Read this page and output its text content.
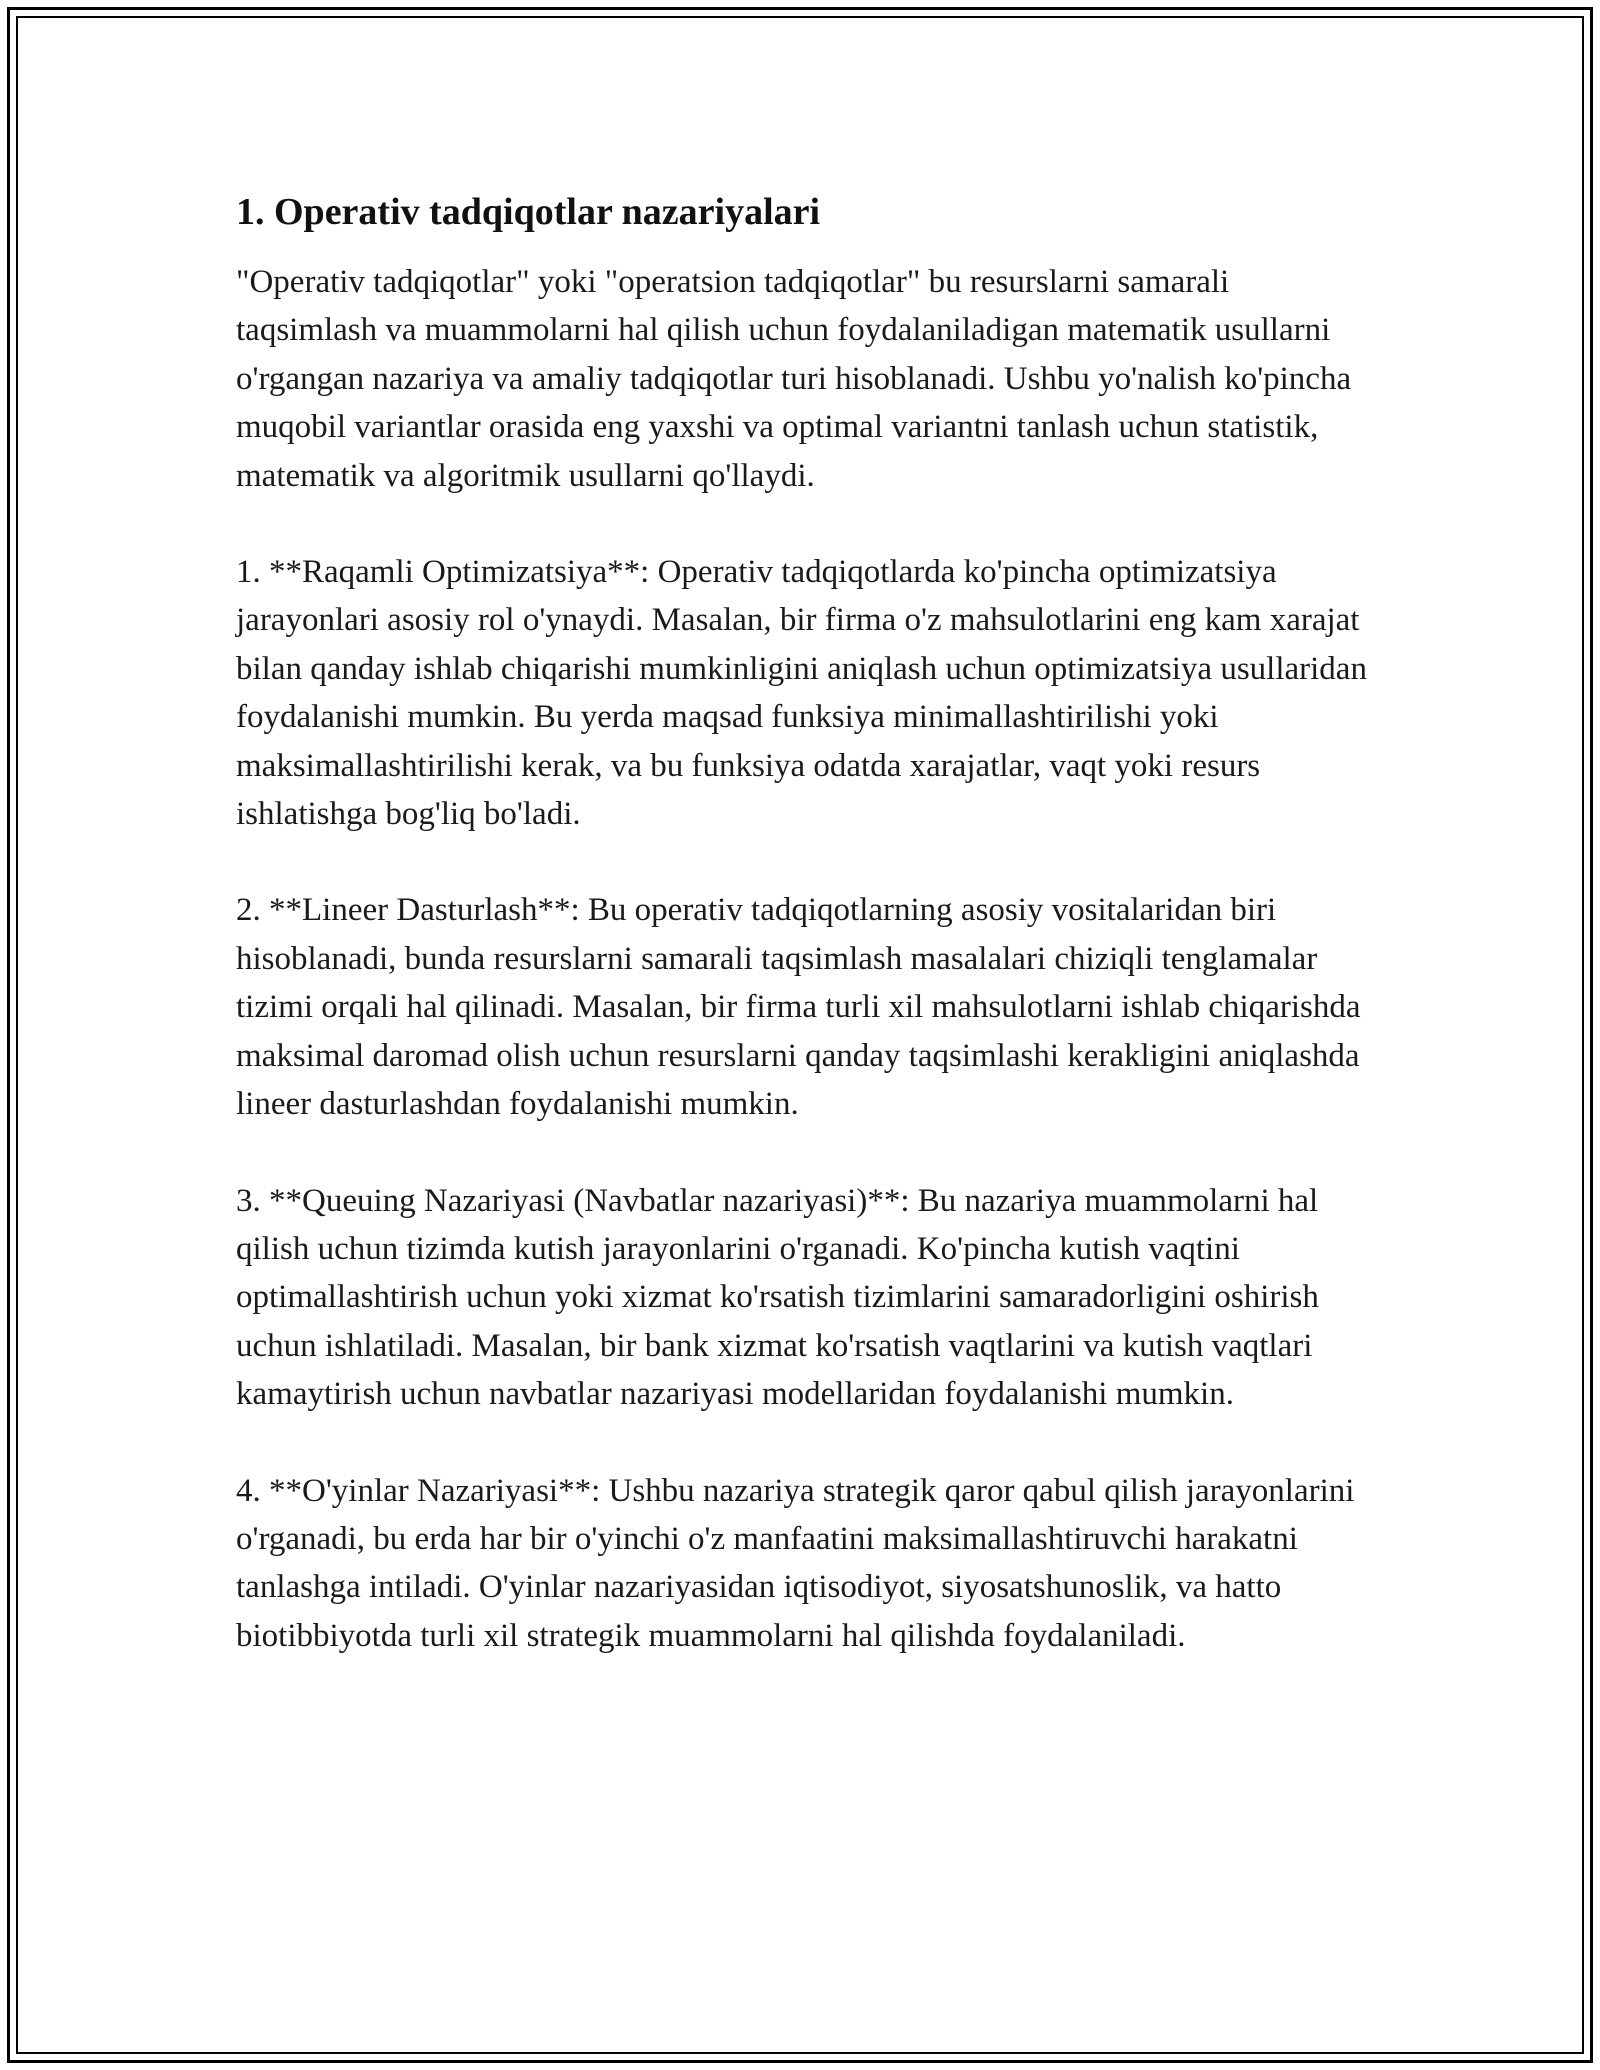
1. Operativ tadqiqotlar nazariyalari

"Operativ tadqiqotlar" yoki "operatsion tadqiqotlar" bu resurslarni samarali taqsimlash va muammolarni hal qilish uchun foydalaniladigan matematik usullarni o'rgangan nazariya va amaliy tadqiqotlar turi hisoblanadi. Ushbu yo'nalish ko'pincha muqobil variantlar orasida eng yaxshi va optimal variantni tanlash uchun statistik, matematik va algoritmik usullarni qo'llaydi.

1. **Raqamli Optimizatsiya**: Operativ tadqiqotlarda ko'pincha optimizatsiya jarayonlari asosiy rol o'ynaydi. Masalan, bir firma o'z mahsulotlarini eng kam xarajat bilan qanday ishlab chiqarishi mumkinligini aniqlash uchun optimizatsiya usullaridan foydalanishi mumkin. Bu yerda maqsad funksiya minimallashtirilishi yoki maksimallashtirilishi kerak, va bu funksiya odatda xarajatlar, vaqt yoki resurs ishlatishga bog'liq bo'ladi.

2. **Lineer Dasturlash**: Bu operativ tadqiqotlarning asosiy vositalaridan biri hisoblanadi, bunda resurslarni samarali taqsimlash masalalari chiziqli tenglamalar tizimi orqali hal qilinadi. Masalan, bir firma turli xil mahsulotlarni ishlab chiqarishda maksimal daromad olish uchun resurslarni qanday taqsimlashi kerakligini aniqlashda lineer dasturlashdan foydalanishi mumkin.

3. **Queuing Nazariyasi (Navbatlar nazariyasi)**: Bu nazariya muammolarni hal qilish uchun tizimda kutish jarayonlarini o'rganadi. Ko'pincha kutish vaqtini optimallashtirish uchun yoki xizmat ko'rsatish tizimlarini samaradorligini oshirish uchun ishlatiladi. Masalan, bir bank xizmat ko'rsatish vaqtlarini va kutish vaqtlari kamaytirish uchun navbatlar nazariyasi modellaridan foydalanishi mumkin.

4. **O'yinlar Nazariyasi**: Ushbu nazariya strategik qaror qabul qilish jarayonlarini o'rganadi, bu erda har bir o'yinchi o'z manfaatini maksimallashtiruvchi harakatni tanlashga intiladi. O'yinlar nazariyasidan iqtisodiyot, siyosatshunoslik, va hatto biotibbiyotda turli xil strategik muammolarni hal qilishda foydalaniladi.
